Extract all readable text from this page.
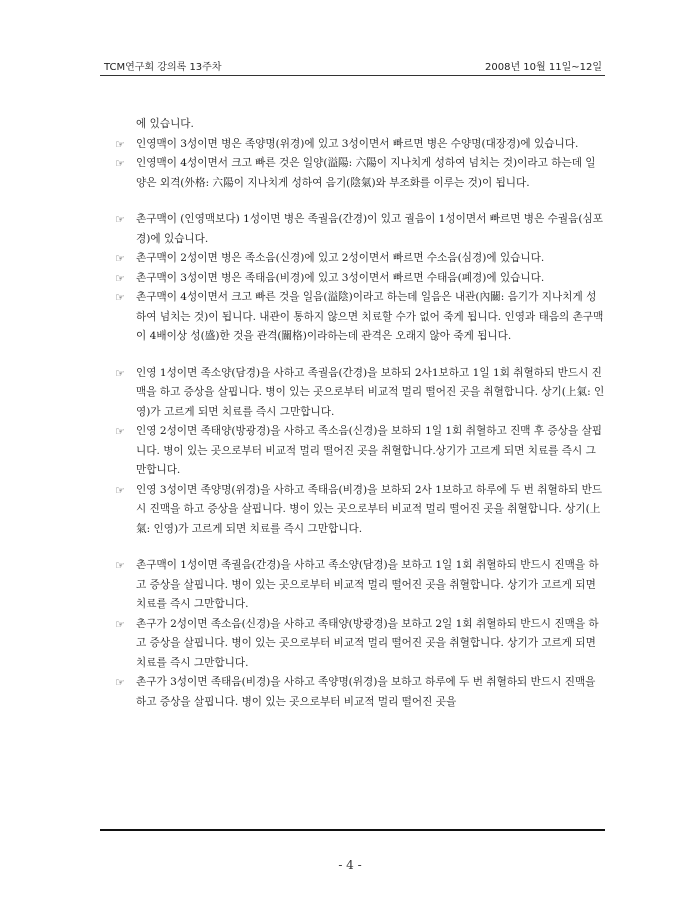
TCM연구회 강의록 13주차	2008년 10월 11일~12일

에 있습니다.

☞ 인영맥이 3성이면 병은 족양명(위경)에 있고 3성이면서 빠르면 병은 수양명(대장경)에 있습니다.

☞ 인영맥이 4성이면서 크고 빠른 것은 일양(溢陽: 六陽이 지나치게 성하여 넘치는 것)이라고 하는데 일양은 외격(外格: 六陽이 지나치게 성하여 음기(陰氣)와 부조화를 이루는 것)이 됩니다.

☞ 촌구맥이 (인영맥보다) 1성이면 병은 족궐음(간경)이 있고 궐음이 1성이면서 빠르면 병은 수궐음(심포경)에 있습니다.

☞ 촌구맥이 2성이면 병은 족소음(신경)에 있고 2성이면서 빠르면 수소음(심경)에 있습니다.

☞ 촌구맥이 3성이면 병은 족태음(비경)에 있고 3성이면서 빠르면 수태음(폐경)에 있습니다.

☞ 촌구맥이 4성이면서 크고 빠른 것을 일음(溢陰)이라고 하는데 일음은 내관(內關: 음기가 지나치게 성하여 넘치는 것)이 됩니다. 내관이 통하지 않으면 치료할 수가 없어 죽게 됩니다. 인영과 태음의 촌구맥이 4배이상 성(盛)한 것을 관격(關格)이라하는데 관격은 오래지 않아 죽게 됩니다.

☞ 인영 1성이면 족소양(담경)을 사하고 족궐음(간경)을 보하되 2사1보하고 1일 1회 취혈하되 반드시 진맥을 하고 증상을 살핍니다. 병이 있는 곳으로부터 비교적 멀리 떨어진 곳을 취혈합니다. 상기(上氣: 인영)가 고르게 되면 치료를 즉시 그만합니다.

☞ 인영 2성이면 족태양(방광경)을 사하고 족소음(신경)을 보하되 1일 1회 취혈하고 진맥 후 증상을 살핍니다. 병이 있는 곳으로부터 비교적 멀리 떨어진 곳을 취혈합니다.상기가 고르게 되면 치료를 즉시 그만합니다.

☞ 인영 3성이면 족양명(위경)을 사하고 족태음(비경)을 보하되 2사 1보하고 하루에 두 번 취혈하되 반드시 진맥을 하고 증상을 살핍니다. 병이 있는 곳으로부터 비교적 멀리 떨어진 곳을 취혈합니다. 상기(上氣: 인영)가 고르게 되면 치료를 즉시 그만합니다.

☞ 촌구맥이 1성이면 족궐음(간경)을 사하고 족소양(담경)을 보하고 1일 1회 취혈하되 반드시 진맥을 하고 증상을 살핍니다. 병이 있는 곳으로부터 비교적 멀리 떨어진 곳을 취혈합니다. 상기가 고르게 되면 치료를 즉시 그만합니다.

☞ 촌구가 2성이면 족소음(신경)을 사하고 족태양(방광경)을 보하고 2일 1회 취혈하되 반드시 진맥을 하고 증상을 살핍니다. 병이 있는 곳으로부터 비교적 멀리 떨어진 곳을 취혈합니다. 상기가 고르게 되면 치료를 즉시 그만합니다.

☞ 촌구가 3성이면 족태음(비경)을 사하고 족양명(위경)을 보하고 하루에 두 번 취혈하되 반드시 진맥을 하고 증상을 살핍니다. 병이 있는 곳으로부터 비교적 멀리 떨어진 곳을

- 4 -
